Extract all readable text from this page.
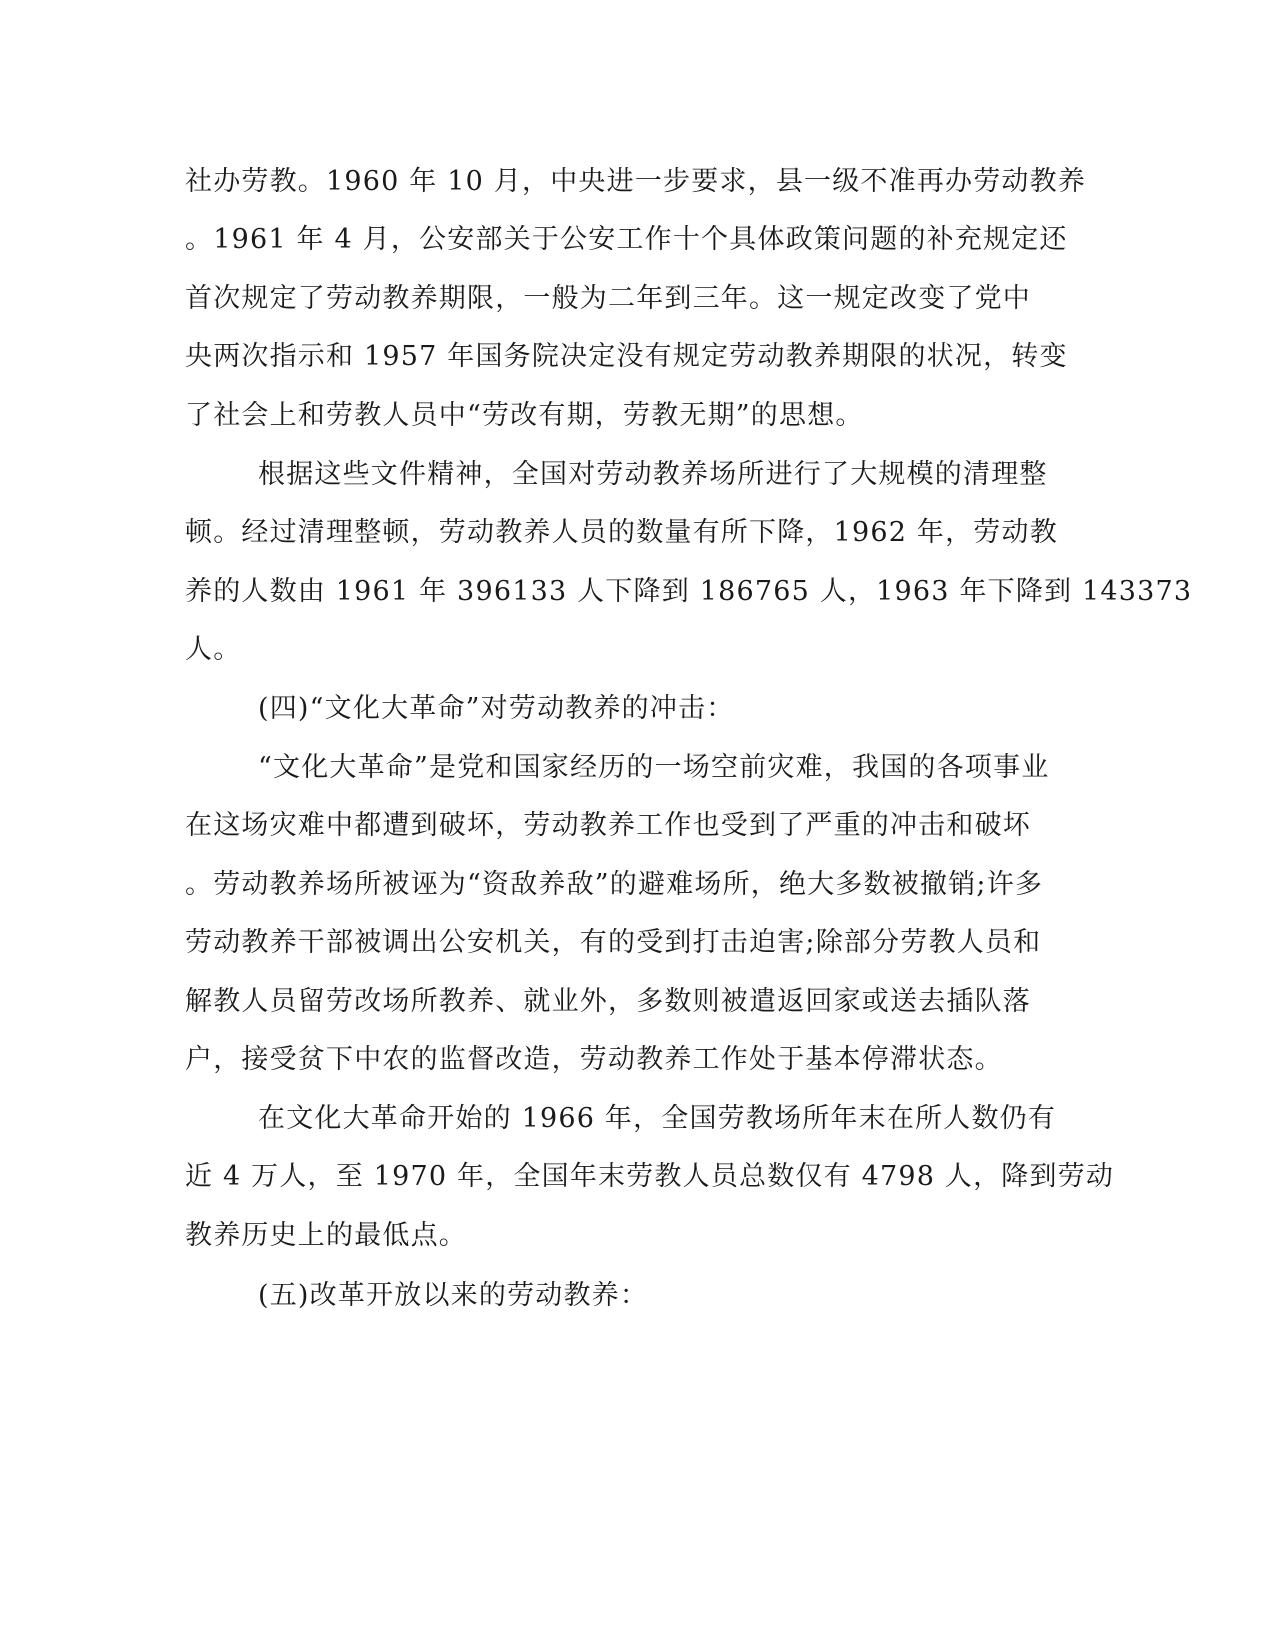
社办劳教。1960 年 10 月，中央进一步要求，县一级不准再办劳动教养

。1961 年 4 月，公安部关于公安工作十个具体政策问题的补充规定还

首次规定了劳动教养期限，一般为二年到三年。这一规定改变了党中

央两次指示和 1957 年国务院决定没有规定劳动教养期限的状况，转变

了社会上和劳教人员中“劳改有期，劳教无期”的思想。

根据这些文件精神，全国对劳动教养场所进行了大规模的清理整

顿。经过清理整顿，劳动教养人员的数量有所下降，1962 年，劳动教

养的人数由 1961 年 396133 人下降到 186765 人，1963 年下降到 143373

人。

(四)“文化大革命”对劳动教养的冲击：

“文化大革命”是党和国家经历的一场空前灾难，我国的各项事业

在这场灾难中都遭到破坏，劳动教养工作也受到了严重的冲击和破坏

。劳动教养场所被诬为“资敌养敌”的避难场所，绝大多数被撤销;许多

劳动教养干部被调出公安机关，有的受到打击迫害;除部分劳教人员和

解教人员留劳改场所教养、就业外，多数则被遣返回家或送去插队落

户，接受贫下中农的监督改造，劳动教养工作处于基本停滞状态。

在文化大革命开始的 1966 年，全国劳教场所年末在所人数仍有

近 4 万人，至 1970 年，全国年末劳教人员总数仅有 4798 人，降到劳动

教养历史上的最低点。

(五)改革开放以来的劳动教养：
